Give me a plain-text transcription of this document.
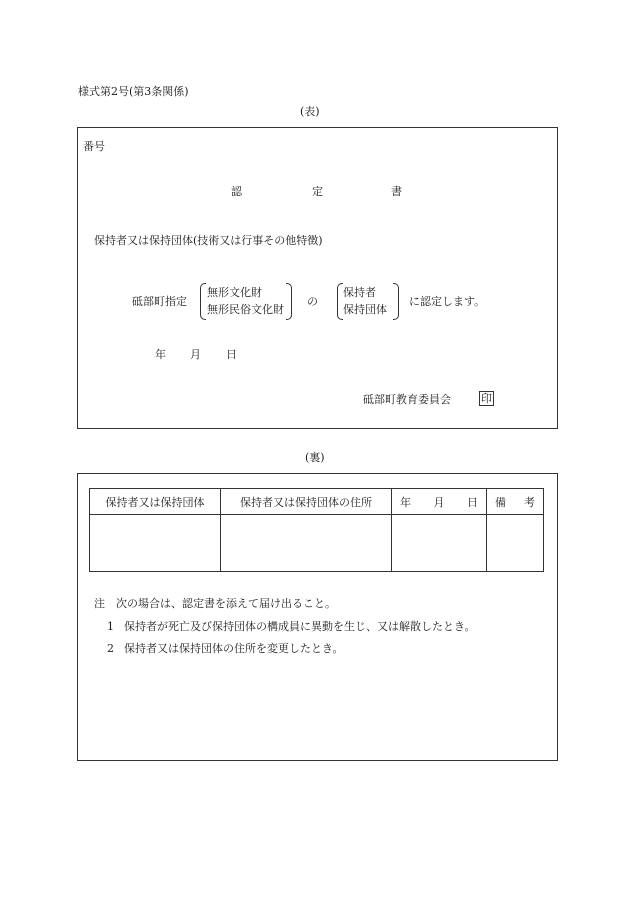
様式第2号(第3条関係)
(表)
番号
認	定	書
保持者又は保持団体(技術又は行事その他特徴)
砥部町指定
無形文化財
無形民俗文化財
の
保持者
保持団体
に認定します。
年 月 日
砥部町教育委員会	印
(裏)
保持者又は保持団体	保持者又は保持団体の住所	年 月 日	備 考

注　次の場合は、認定書を添えて届け出ること。
1 保持者が死亡及び保持団体の構成員に異動を生じ、又は解散したとき。
2 保持者又は保持団体の住所を変更したとき。
